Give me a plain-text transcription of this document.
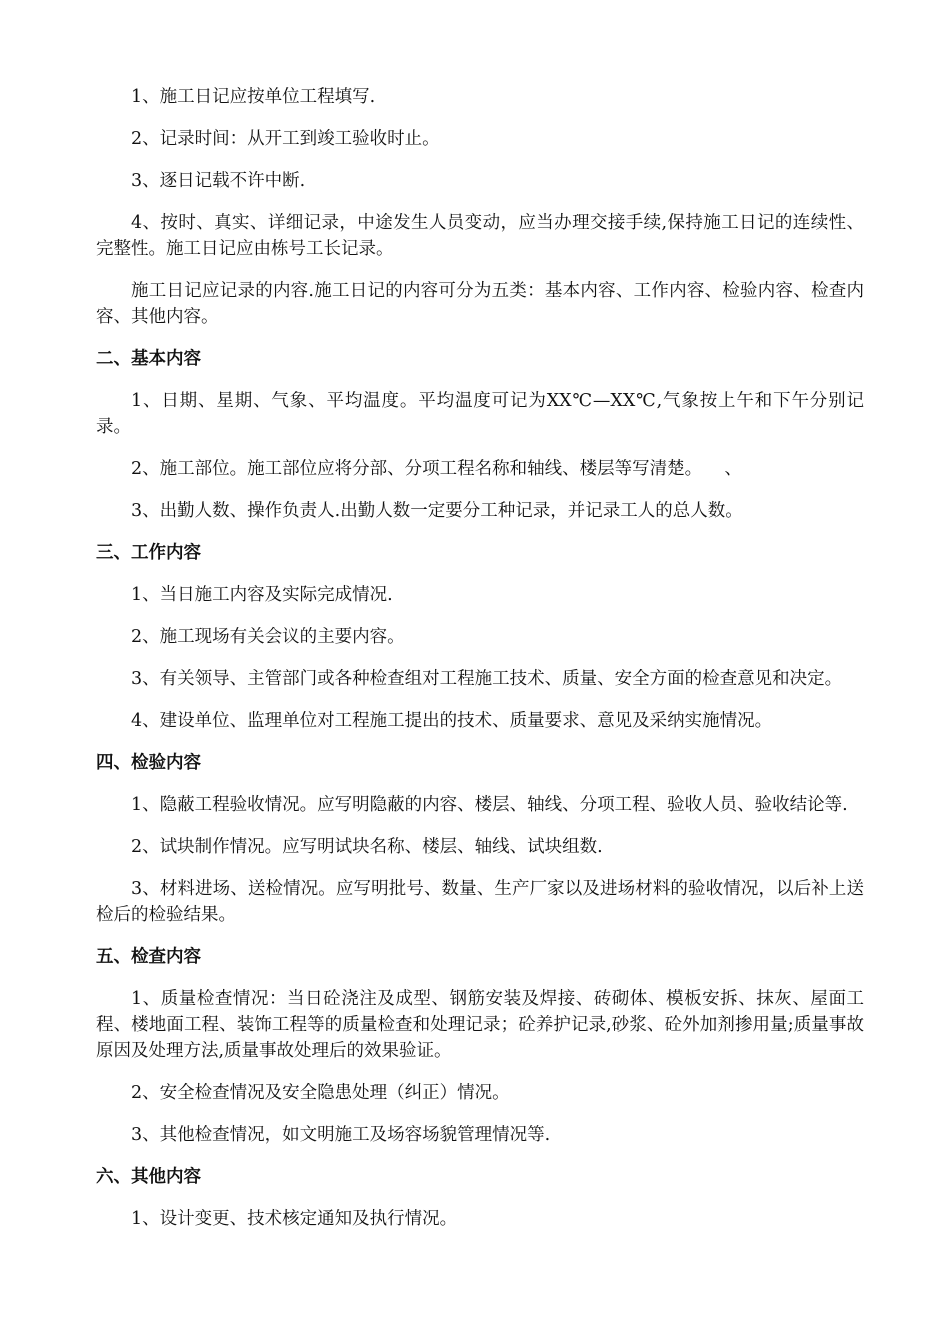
1、施工日记应按单位工程填写.

2、记录时间：从开工到竣工验收时止。

3、逐日记载不许中断.

4、按时、真实、详细记录，中途发生人员变动，应当办理交接手续,保持施工日记的连续性、完整性。施工日记应由栋号工长记录。

施工日记应记录的内容.施工日记的内容可分为五类：基本内容、工作内容、检验内容、检查内容、其他内容。

二、基本内容

1、日期、星期、气象、平均温度。平均温度可记为XX℃—XX℃,气象按上午和下午分别记录。

2、施工部位。施工部位应将分部、分项工程名称和轴线、楼层等写清楚。    、

3、出勤人数、操作负责人.出勤人数一定要分工种记录，并记录工人的总人数。

三、工作内容

1、当日施工内容及实际完成情况.

2、施工现场有关会议的主要内容。

3、有关领导、主管部门或各种检查组对工程施工技术、质量、安全方面的检查意见和决定。

4、建设单位、监理单位对工程施工提出的技术、质量要求、意见及采纳实施情况。

四、检验内容

1、隐蔽工程验收情况。应写明隐蔽的内容、楼层、轴线、分项工程、验收人员、验收结论等.

2、试块制作情况。应写明试块名称、楼层、轴线、试块组数.

3、材料进场、送检情况。应写明批号、数量、生产厂家以及进场材料的验收情况，以后补上送检后的检验结果。

五、检查内容

1、质量检查情况：当日砼浇注及成型、钢筋安装及焊接、砖砌体、模板安拆、抹灰、屋面工程、楼地面工程、装饰工程等的质量检查和处理记录；砼养护记录,砂浆、砼外加剂掺用量;质量事故原因及处理方法,质量事故处理后的效果验证。

2、安全检查情况及安全隐患处理（纠正）情况。

3、其他检查情况，如文明施工及场容场貌管理情况等.

六、其他内容

1、设计变更、技术核定通知及执行情况。
